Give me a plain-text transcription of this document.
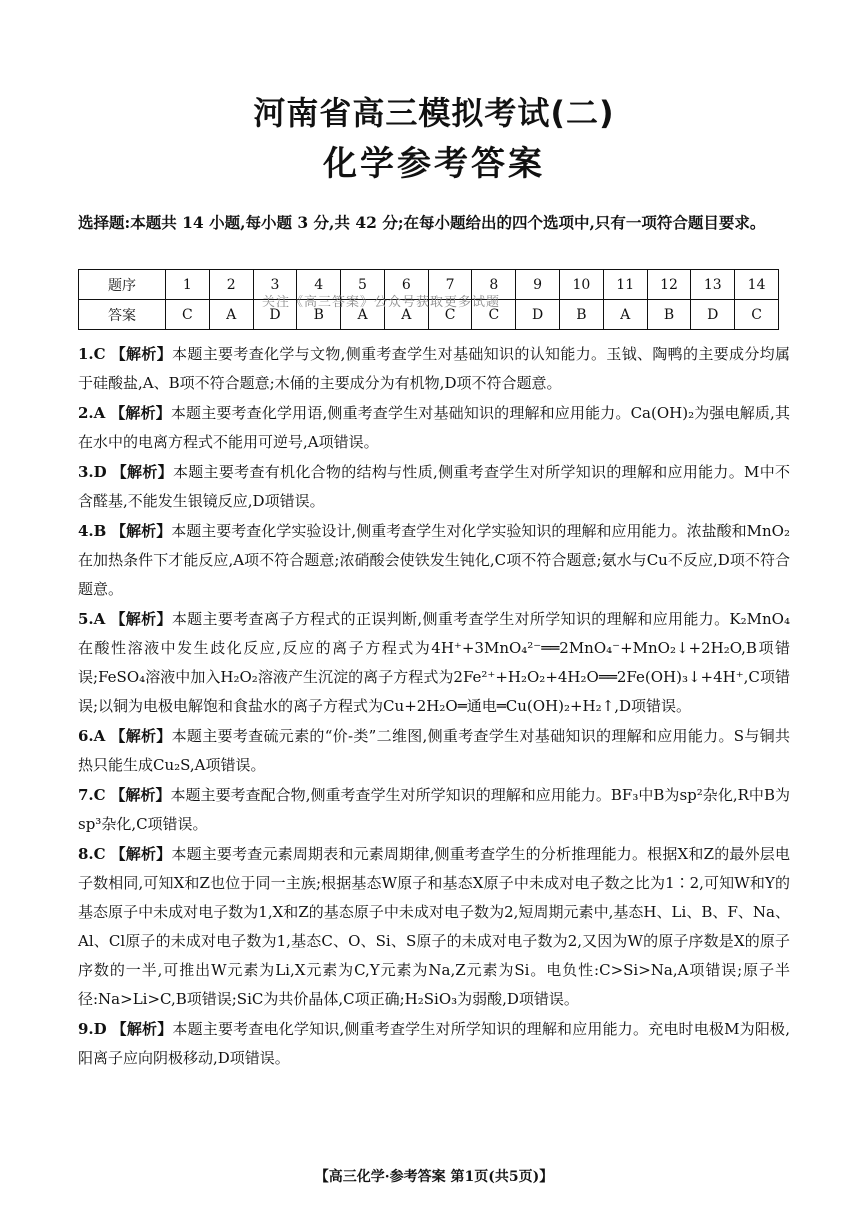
河南省高三模拟考试(二)
化学参考答案
选择题:本题共 14 小题,每小题 3 分,共 42 分;在每小题给出的四个选项中,只有一项符合题目要求。
题序	1	2	3	4	5	6	7	8	9	10	11	12	13	14
答案	C	A	D	B	A	A	C	C	D	B	A	B	D	C
关注《高三答案》公众号获取更多试题

1.C 【解析】本题主要考查化学与文物,侧重考查学生对基础知识的认知能力。玉钺、陶鸭的主要成分均属于硅酸盐,A、B项不符合题意;木俑的主要成分为有机物,D项不符合题意。

2.A 【解析】本题主要考查化学用语,侧重考查学生对基础知识的理解和应用能力。Ca(OH)₂为强电解质,其在水中的电离方程式不能用可逆号,A项错误。

3.D 【解析】本题主要考查有机化合物的结构与性质,侧重考查学生对所学知识的理解和应用能力。M中不含醛基,不能发生银镜反应,D项错误。

4.B 【解析】本题主要考查化学实验设计,侧重考查学生对化学实验知识的理解和应用能力。浓盐酸和MnO₂在加热条件下才能反应,A项不符合题意;浓硝酸会使铁发生钝化,C项不符合题意;氨水与Cu不反应,D项不符合题意。

5.A 【解析】本题主要考查离子方程式的正误判断,侧重考查学生对所学知识的理解和应用能力。K₂MnO₄在酸性溶液中发生歧化反应,反应的离子方程式为4H⁺+3MnO₄²⁻══2MnO₄⁻+MnO₂↓+2H₂O,B项错误;FeSO₄溶液中加入H₂O₂溶液产生沉淀的离子方程式为2Fe²⁺+H₂O₂+4H₂O══2Fe(OH)₃↓+4H⁺,C项错误;以铜为电极电解饱和食盐水的离子方程式为Cu+2H₂O═通电═Cu(OH)₂+H₂↑,D项错误。

6.A 【解析】本题主要考查硫元素的“价-类”二维图,侧重考查学生对基础知识的理解和应用能力。S与铜共热只能生成Cu₂S,A项错误。

7.C 【解析】本题主要考查配合物,侧重考查学生对所学知识的理解和应用能力。BF₃中B为sp²杂化,R中B为sp³杂化,C项错误。

8.C 【解析】本题主要考查元素周期表和元素周期律,侧重考查学生的分析推理能力。根据X和Z的最外层电子数相同,可知X和Z也位于同一主族;根据基态W原子和基态X原子中未成对电子数之比为1∶2,可知W和Y的基态原子中未成对电子数为1,X和Z的基态原子中未成对电子数为2,短周期元素中,基态H、Li、B、F、Na、Al、Cl原子的未成对电子数为1,基态C、O、Si、S原子的未成对电子数为2,又因为W的原子序数是X的原子序数的一半,可推出W元素为Li,X元素为C,Y元素为Na,Z元素为Si。电负性:C>Si>Na,A项错误;原子半径:Na>Li>C,B项错误;SiC为共价晶体,C项正确;H₂SiO₃为弱酸,D项错误。

9.D 【解析】本题主要考查电化学知识,侧重考查学生对所学知识的理解和应用能力。充电时电极M为阳极,阳离子应向阴极移动,D项错误。

【高三化学·参考答案 第1页(共5页)】
